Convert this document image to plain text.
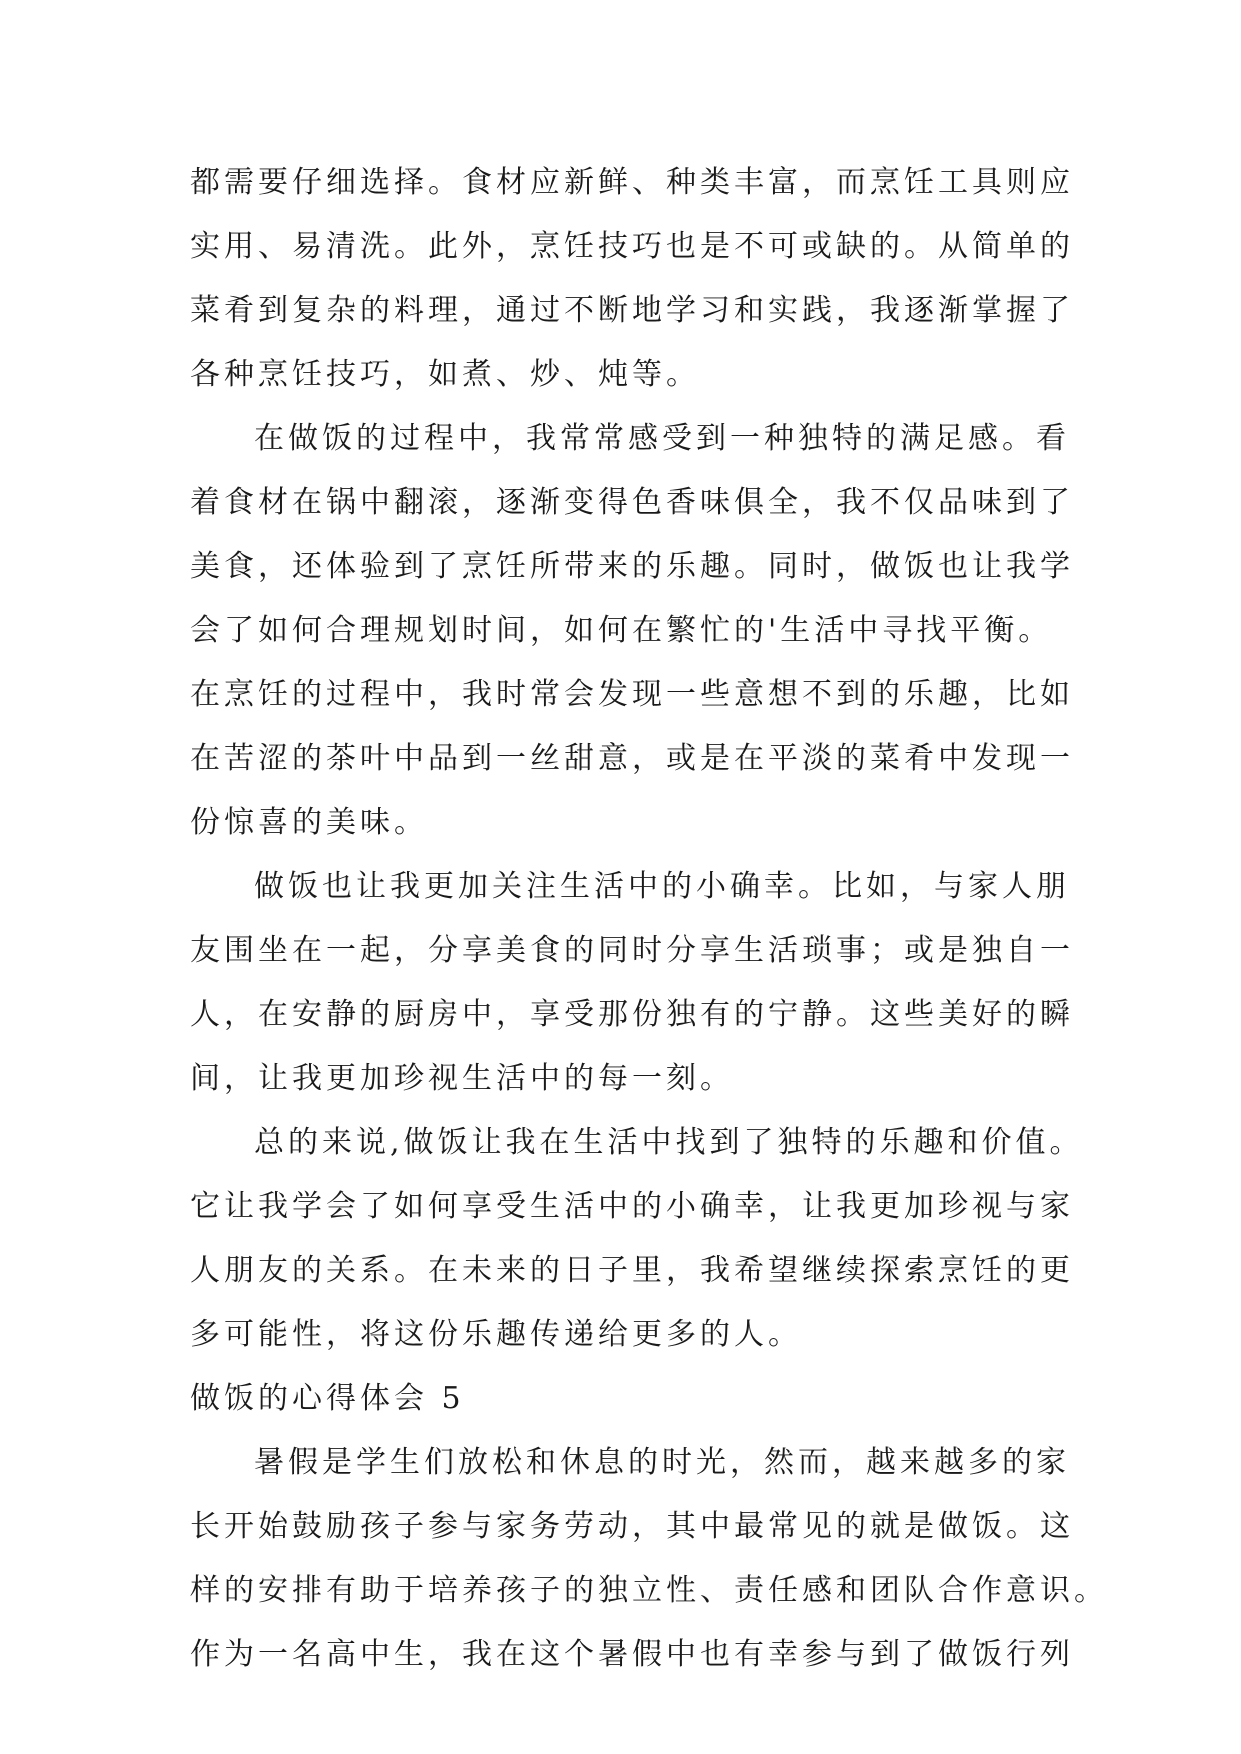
都需要仔细选择。食材应新鲜、种类丰富，而烹饪工具则应
实用、易清洗。此外，烹饪技巧也是不可或缺的。从简单的
菜肴到复杂的料理，通过不断地学习和实践，我逐渐掌握了
各种烹饪技巧，如煮、炒、炖等。
在做饭的过程中，我常常感受到一种独特的满足感。看
着食材在锅中翻滚，逐渐变得色香味俱全，我不仅品味到了
美食，还体验到了烹饪所带来的乐趣。同时，做饭也让我学
会了如何合理规划时间，如何在繁忙的'生活中寻找平衡。
在烹饪的过程中，我时常会发现一些意想不到的乐趣，比如
在苦涩的茶叶中品到一丝甜意，或是在平淡的菜肴中发现一
份惊喜的美味。
做饭也让我更加关注生活中的小确幸。比如，与家人朋
友围坐在一起，分享美食的同时分享生活琐事；或是独自一
人，在安静的厨房中，享受那份独有的宁静。这些美好的瞬
间，让我更加珍视生活中的每一刻。
总的来说,做饭让我在生活中找到了独特的乐趣和价值。
它让我学会了如何享受生活中的小确幸，让我更加珍视与家
人朋友的关系。在未来的日子里，我希望继续探索烹饪的更
多可能性，将这份乐趣传递给更多的人。
做饭的心得体会 5
暑假是学生们放松和休息的时光，然而，越来越多的家
长开始鼓励孩子参与家务劳动，其中最常见的就是做饭。这
样的安排有助于培养孩子的独立性、责任感和团队合作意识。
作为一名高中生，我在这个暑假中也有幸参与到了做饭行列
